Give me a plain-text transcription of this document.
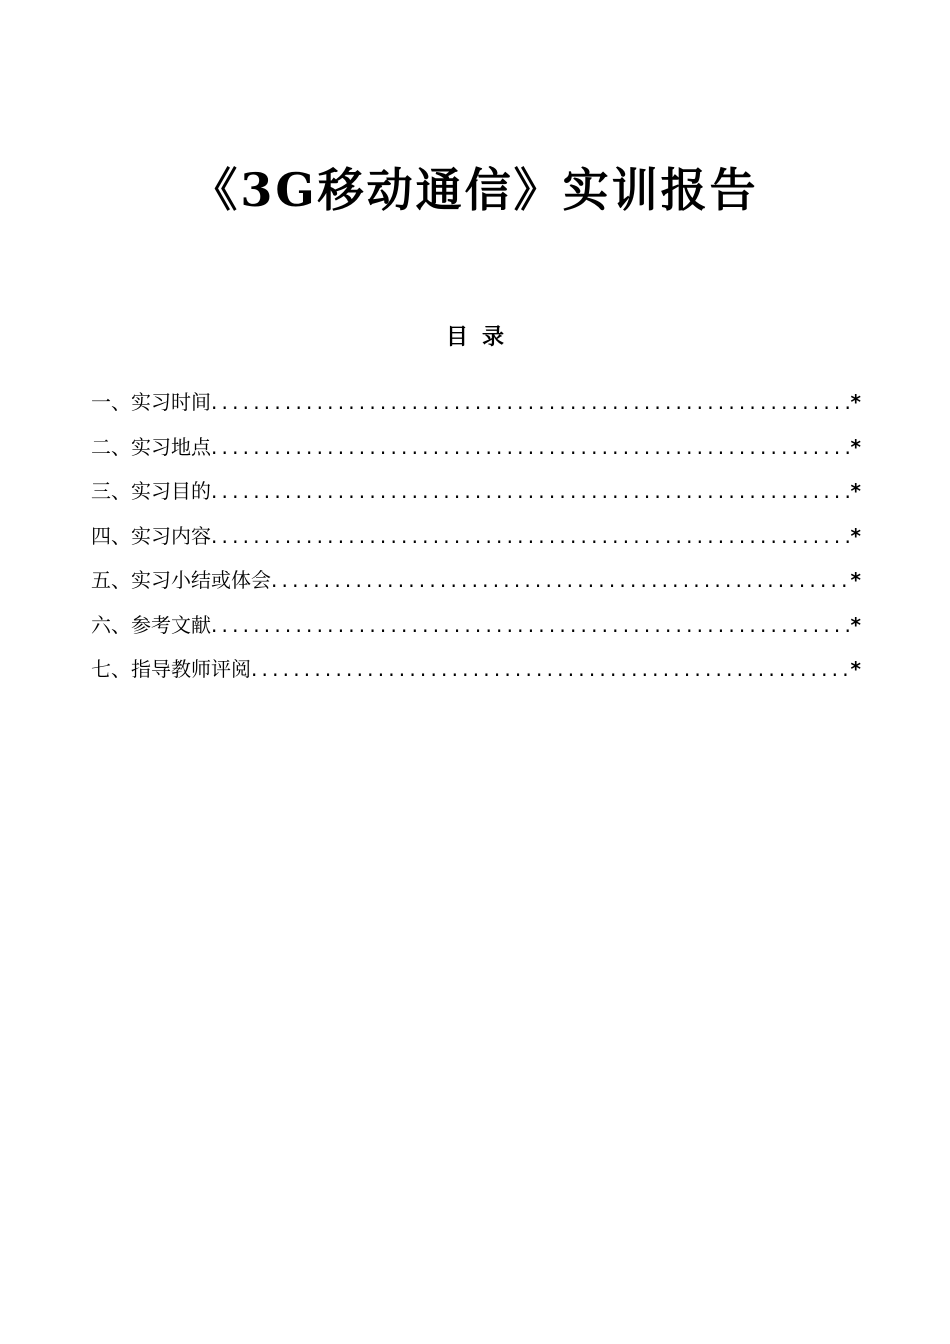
《3G移动通信》实训报告
目录
一、实习时间 .....	*
二、实习地点 .....	*
三、实习目的 .....	*
四、实习内容 .....	*
五、实习小结或体会 .....	*
六、参考文献 .....	*
七、指导教师评阅 .....	*
